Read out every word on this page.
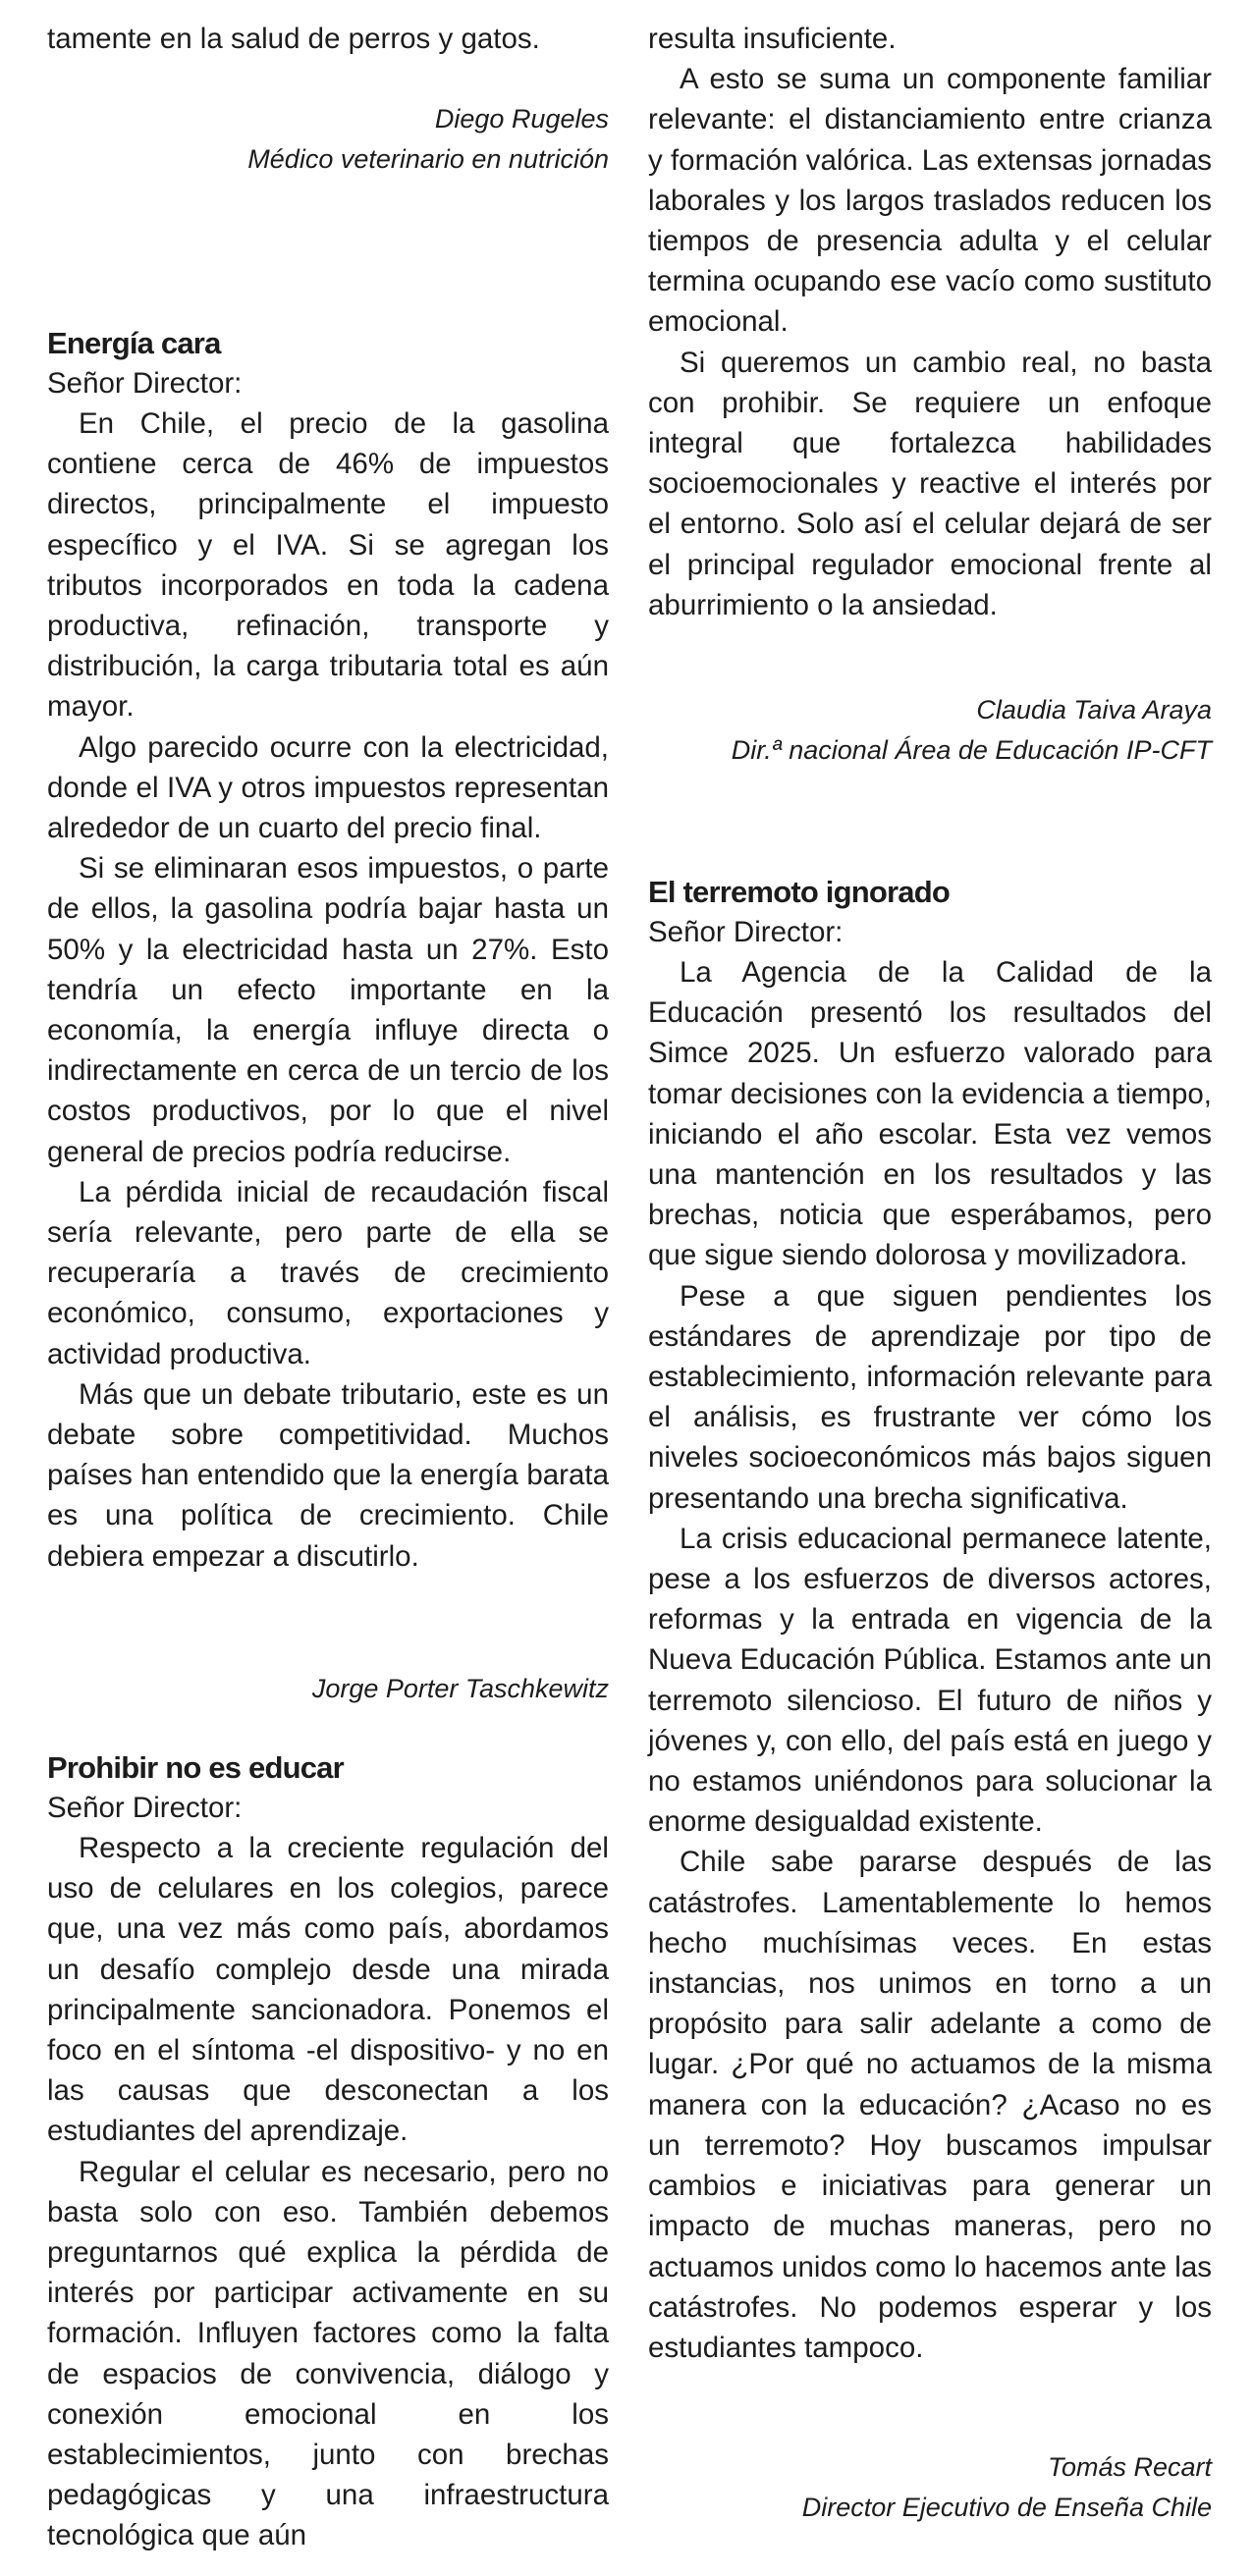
tamente en la salud de perros y gatos.

Diego Rugeles
Médico veterinario en nutrición
Energía cara
Señor Director:

En Chile, el precio de la gasolina contiene cerca de 46% de impuestos directos, principalmente el impuesto específico y el IVA. Si se agregan los tributos incorporados en toda la cadena productiva, refinación, transporte y distribución, la carga tributaria total es aún mayor.

Algo parecido ocurre con la electricidad, donde el IVA y otros impuestos representan alrededor de un cuarto del precio final.

Si se eliminaran esos impuestos, o parte de ellos, la gasolina podría bajar hasta un 50% y la electricidad hasta un 27%. Esto tendría un efecto importante en la economía, la energía influye directa o indirectamente en cerca de un tercio de los costos productivos, por lo que el nivel general de precios podría reducirse.

La pérdida inicial de recaudación fiscal sería relevante, pero parte de ella se recuperaría a través de crecimiento económico, consumo, exportaciones y actividad productiva.

Más que un debate tributario, este es un debate sobre competitividad. Muchos países han entendido que la energía barata es una política de crecimiento. Chile debiera empezar a discutirlo.

Jorge Porter Taschkewitz
Prohibir no es educar
Señor Director:

Respecto a la creciente regulación del uso de celulares en los colegios, parece que, una vez más como país, abordamos un desafío complejo desde una mirada principalmente sancionadora. Ponemos el foco en el síntoma -el dispositivo- y no en las causas que desconectan a los estudiantes del aprendizaje.

Regular el celular es necesario, pero no basta solo con eso. También debemos preguntarnos qué explica la pérdida de interés por participar activamente en su formación. Influyen factores como la falta de espacios de convivencia, diálogo y conexión emocional en los establecimientos, junto con brechas pedagógicas y una infraestructura tecnológica que aún

resulta insuficiente.

A esto se suma un componente familiar relevante: el distanciamiento entre crianza y formación valórica. Las extensas jornadas laborales y los largos traslados reducen los tiempos de presencia adulta y el celular termina ocupando ese vacío como sustituto emocional.

Si queremos un cambio real, no basta con prohibir. Se requiere un enfoque integral que fortalezca habilidades socioemocionales y reactive el interés por el entorno. Solo así el celular dejará de ser el principal regulador emocional frente al aburrimiento o la ansiedad.

Claudia Taiva Araya
Dir.ª nacional Área de Educación IP-CFT
El terremoto ignorado
Señor Director:

La Agencia de la Calidad de la Educación presentó los resultados del Simce 2025. Un esfuerzo valorado para tomar decisiones con la evidencia a tiempo, iniciando el año escolar. Esta vez vemos una mantención en los resultados y las brechas, noticia que esperábamos, pero que sigue siendo dolorosa y movilizadora.

Pese a que siguen pendientes los estándares de aprendizaje por tipo de establecimiento, información relevante para el análisis, es frustrante ver cómo los niveles socioeconómicos más bajos siguen presentando una brecha significativa.

La crisis educacional permanece latente, pese a los esfuerzos de diversos actores, reformas y la entrada en vigencia de la Nueva Educación Pública. Estamos ante un terremoto silencioso. El futuro de niños y jóvenes y, con ello, del país está en juego y no estamos uniéndonos para solucionar la enorme desigualdad existente.

Chile sabe pararse después de las catástrofes. Lamentablemente lo hemos hecho muchísimas veces. En estas instancias, nos unimos en torno a un propósito para salir adelante a como de lugar. ¿Por qué no actuamos de la misma manera con la educación? ¿Acaso no es un terremoto? Hoy buscamos impulsar cambios e iniciativas para generar un impacto de muchas maneras, pero no actuamos unidos como lo hacemos ante las catástrofes. No podemos esperar y los estudiantes tampoco.

Tomás Recart
Director Ejecutivo de Enseña Chile
